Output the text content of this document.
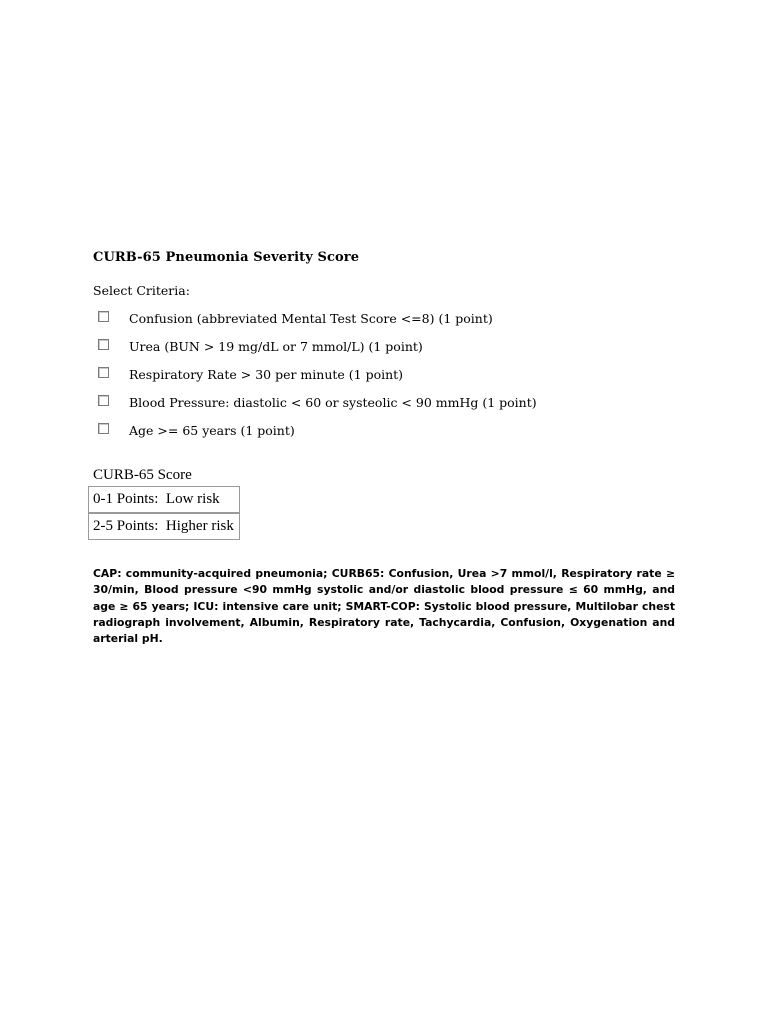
CURB-65 Pneumonia Severity Score
Select Criteria:
Confusion (abbreviated Mental Test Score <=8) (1 point)
Urea (BUN > 19 mg/dL or 7 mmol/L) (1 point)
Respiratory Rate > 30 per minute (1 point)
Blood Pressure: diastolic < 60 or systeolic < 90 mmHg (1 point)
Age >= 65 years (1 point)
CURB-65 Score
0-1 Points:  Low risk
2-5 Points:  Higher risk

CAP: community-acquired pneumonia; CURB65: Confusion, Urea >7 mmol/l, Respiratory rate ≥ 30/min, Blood pressure <90 mmHg systolic and/or diastolic blood pressure ≤ 60 mmHg, and age ≥ 65 years; ICU: intensive care unit; SMART-COP: Systolic blood pressure, Multilobar chest radiograph involvement, Albumin, Respiratory rate, Tachycardia, Confusion, Oxygenation and arterial pH.
